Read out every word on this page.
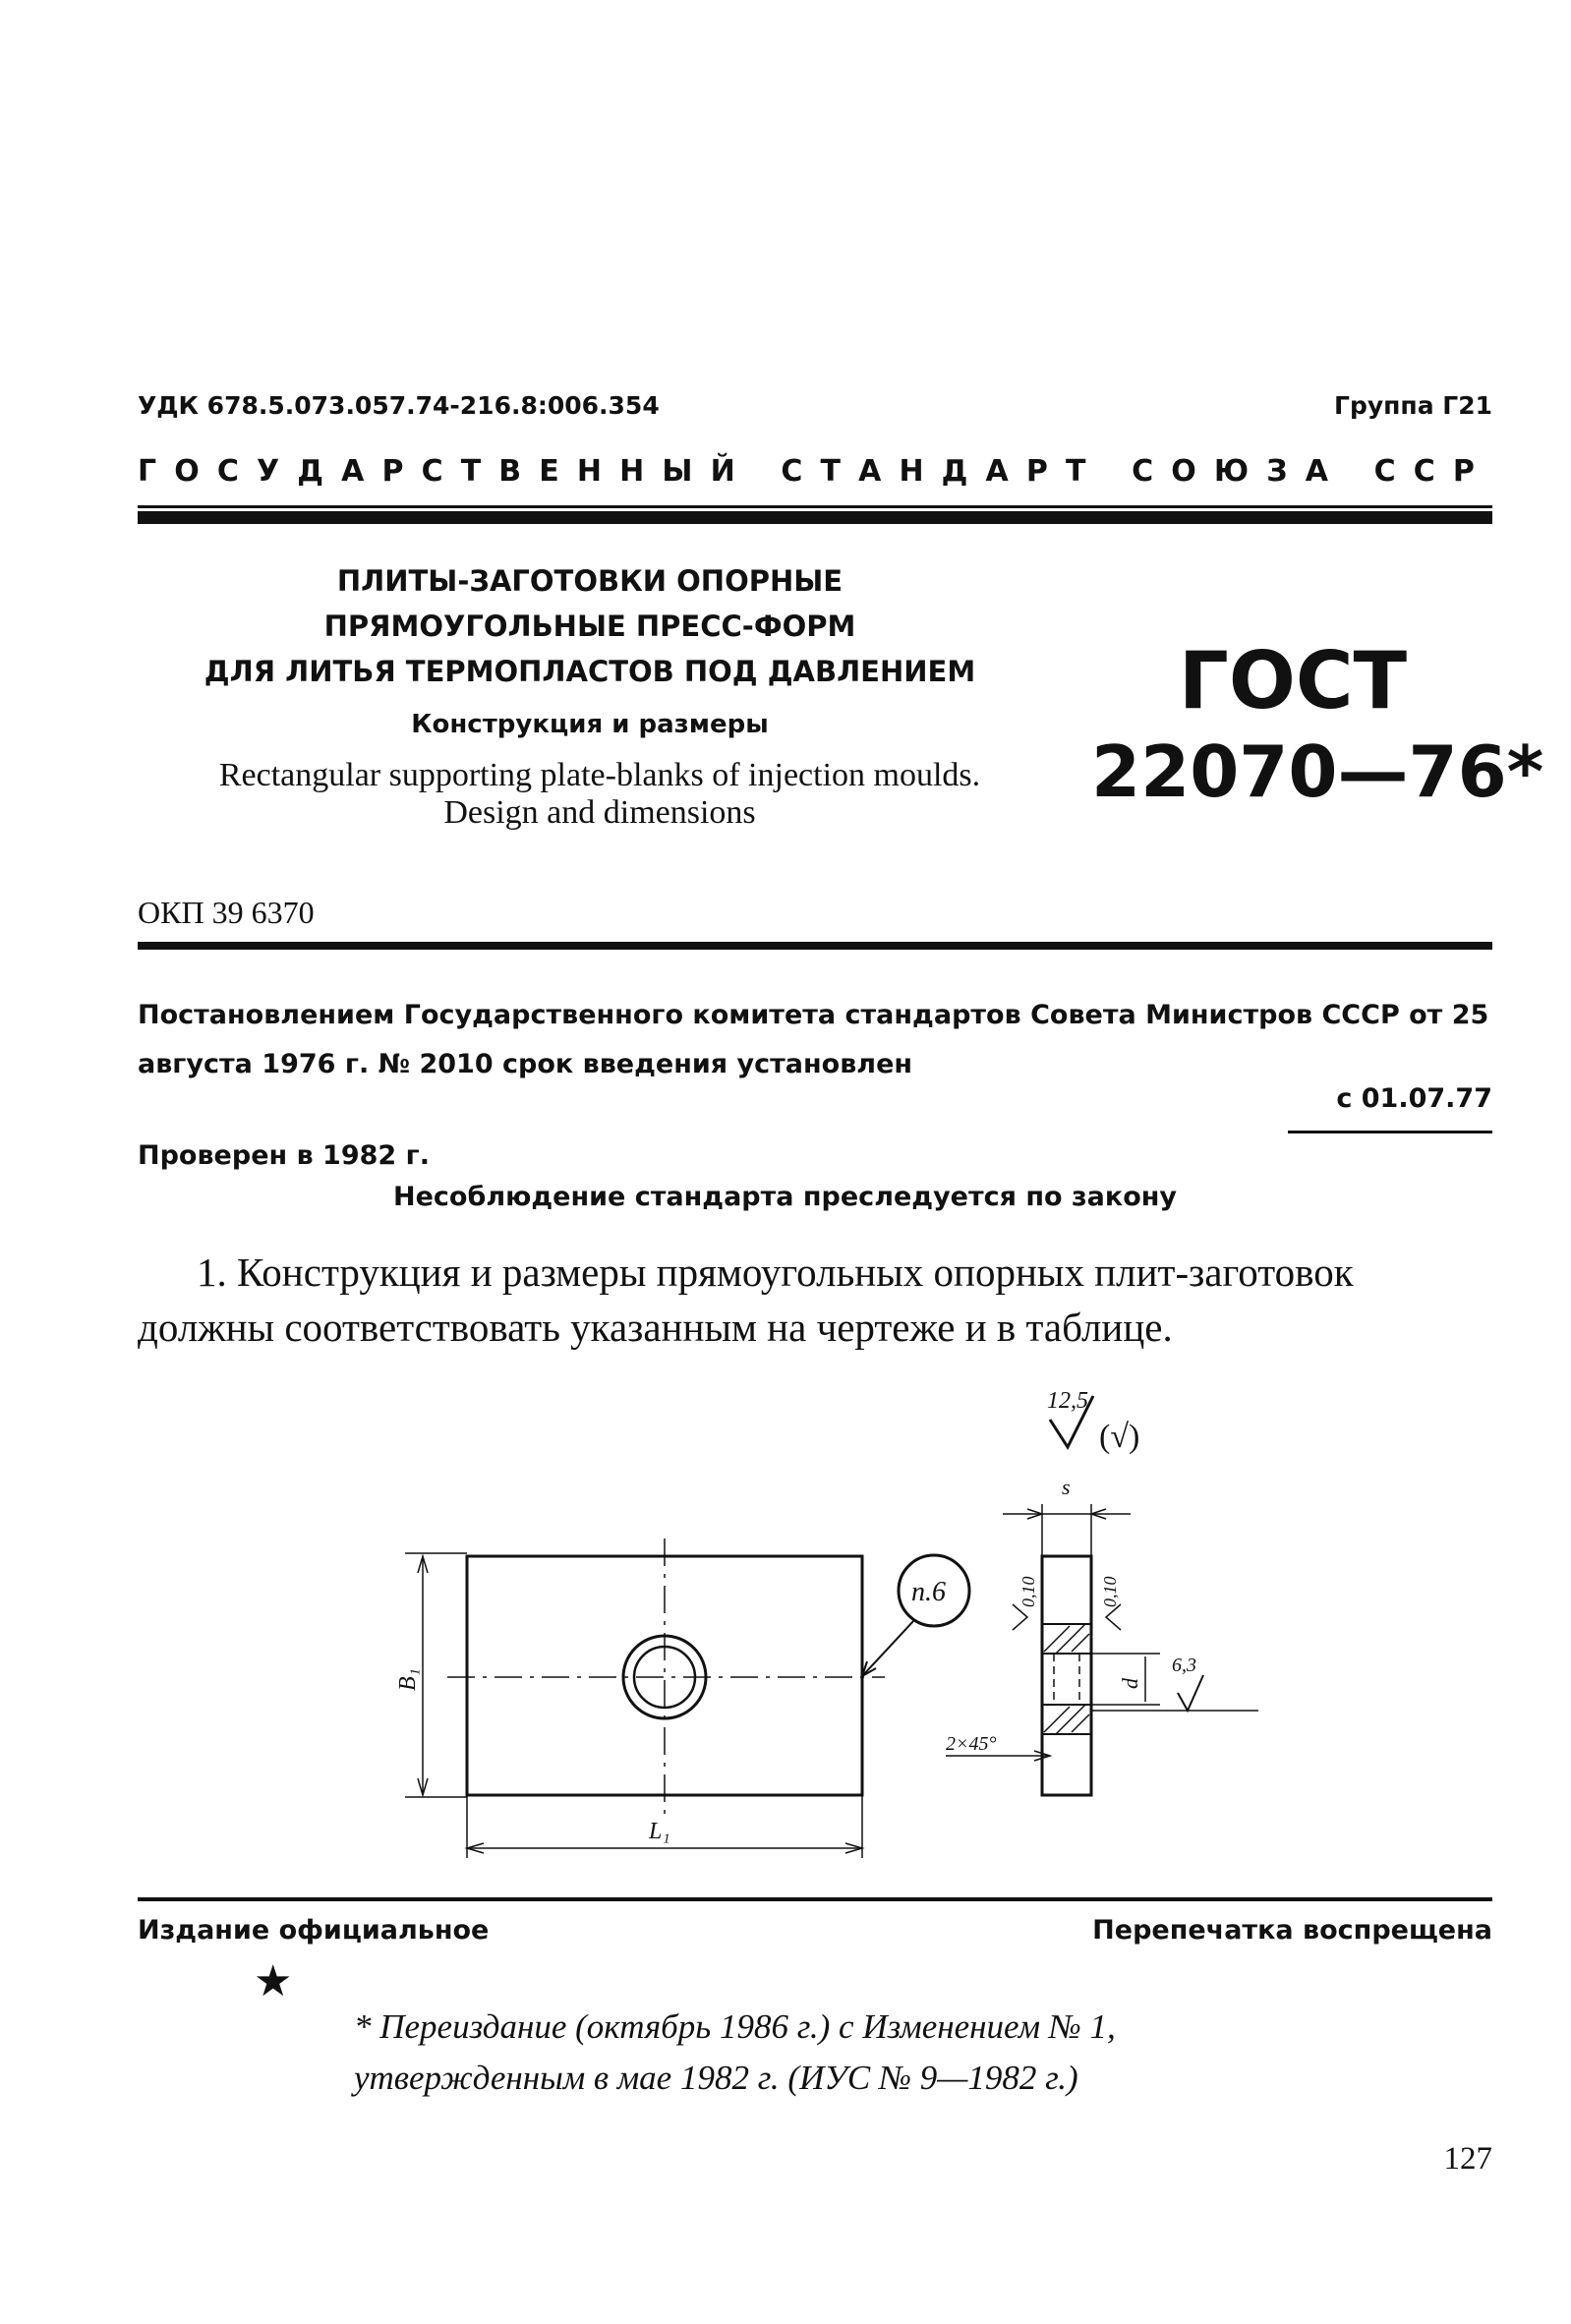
УДК 678.5.073.057.74-216.8:006.354	Группа Г21
ГОСУДАРСТВЕННЫЙ СТАНДАРТ СОЮЗА ССР
ПЛИТЫ-ЗАГОТОВКИ ОПОРНЫЕ
ПРЯМОУГОЛЬНЫЕ ПРЕСС-ФОРМ
ДЛЯ ЛИТЬЯ ТЕРМОПЛАСТОВ ПОД ДАВЛЕНИЕМ
Конструкция и размеры
Rectangular supporting plate-blanks of injection moulds.
Design and dimensions
ГОСТ
22070—76*
ОКП 39 6370
Постановлением Государственного комитета стандартов Совета Министров СССР от 25 августа 1976 г. № 2010 срок введения установлен
с 01.07.77
Проверен в 1982 г.
Несоблюдение стандарта преследуется по закону
1. Конструкция и размеры прямоугольных опорных плит-заготовок должны соответствовать указанным на чертеже и в таблице.
12,5
(√)
B₁
L₁
п.6
s
0,10	0,10
d
6,3
2×45°
Издание официальное	Перепечатка воспрещена
★
* Переиздание (октябрь 1986 г.) с Изменением № 1, утвержденным в мае 1982 г. (ИУС № 9—1982 г.)
127
